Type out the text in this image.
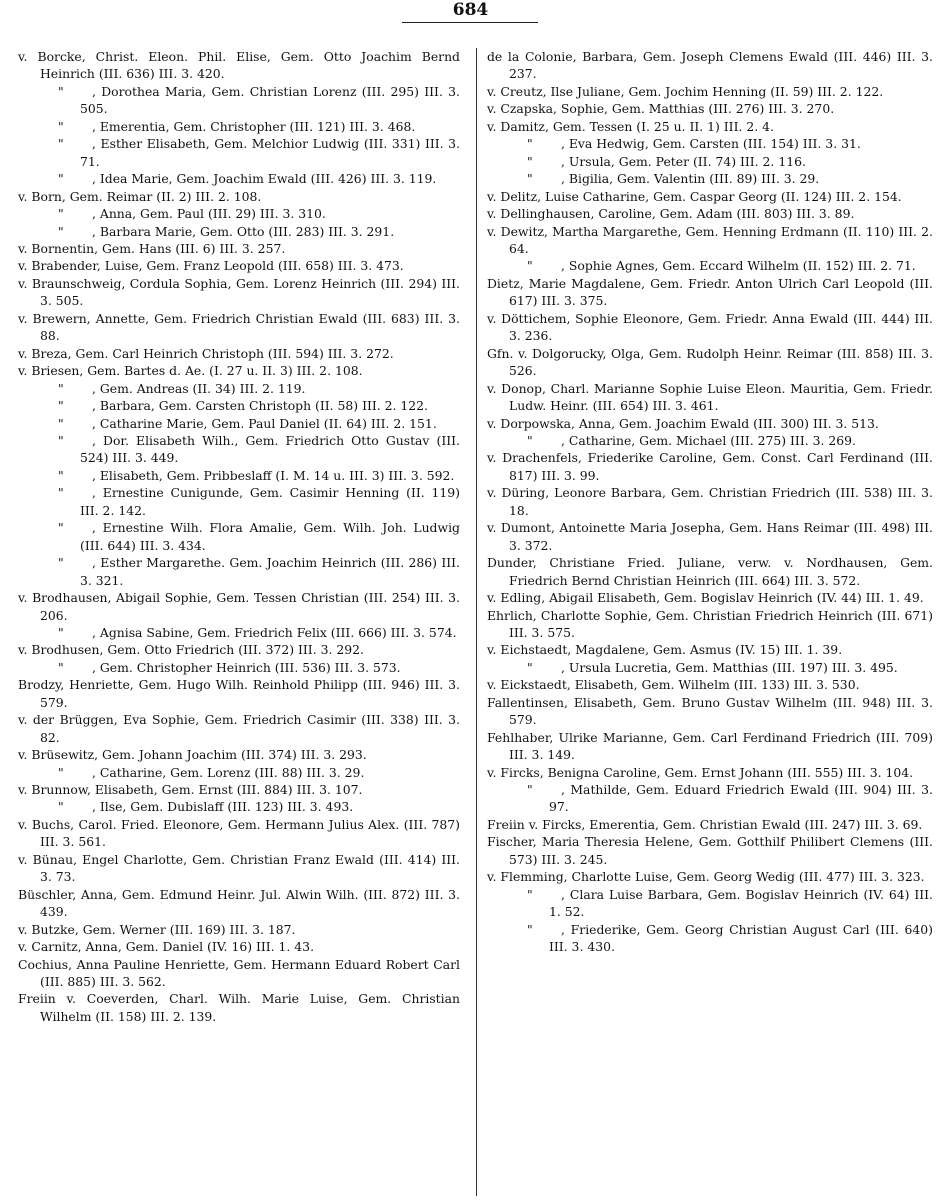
684

v. Borcke, Christ. Eleon. Phil. Elise, Gem. Otto Joachim Bernd Heinrich (III. 636) III. 3. 420.

" , Dorothea Maria, Gem. Christian Lorenz (III. 295) III. 3. 505.

" , Emerentia, Gem. Christopher (III. 121) III. 3. 468.

" , Esther Elisabeth, Gem. Melchior Ludwig (III. 331) III. 3. 71.

" , Idea Marie, Gem. Joachim Ewald (III. 426) III. 3. 119.

v. Born, Gem. Reimar (II. 2) III. 2. 108.

" , Anna, Gem. Paul (III. 29) III. 3. 310.

" , Barbara Marie, Gem. Otto (III. 283) III. 3. 291.

v. Bornentin, Gem. Hans (III. 6) III. 3. 257.

v. Brabender, Luise, Gem. Franz Leopold (III. 658) III. 3. 473.

v. Braunschweig, Cordula Sophia, Gem. Lorenz Heinrich (III. 294) III. 3. 505.

v. Brewern, Annette, Gem. Friedrich Christian Ewald (III. 683) III. 3. 88.

v. Breza, Gem. Carl Heinrich Christoph (III. 594) III. 3. 272.

v. Briesen, Gem. Bartes d. Ae. (I. 27 u. II. 3) III. 2. 108.

" , Gem. Andreas (II. 34) III. 2. 119.

" , Barbara, Gem. Carsten Christoph (II. 58) III. 2. 122.

" , Catharine Marie, Gem. Paul Daniel (II. 64) III. 2. 151.

" , Dor. Elisabeth Wilh., Gem. Friedrich Otto Gustav (III. 524) III. 3. 449.

" , Elisabeth, Gem. Pribbeslaff (I. M. 14 u. III. 3) III. 3. 592.

" , Ernestine Cunigunde, Gem. Casimir Henning (II. 119) III. 2. 142.

" , Ernestine Wilh. Flora Amalie, Gem. Wilh. Joh. Ludwig (III. 644) III. 3. 434.

" , Esther Margarethe. Gem. Joachim Heinrich (III. 286) III. 3. 321.

v. Brodhausen, Abigail Sophie, Gem. Tessen Christian (III. 254) III. 3. 206.

" , Agnisa Sabine, Gem. Friedrich Felix (III. 666) III. 3. 574.

v. Brodhusen, Gem. Otto Friedrich (III. 372) III. 3. 292.

" , Gem. Christopher Heinrich (III. 536) III. 3. 573.

Brodzy, Henriette, Gem. Hugo Wilh. Reinhold Philipp (III. 946) III. 3. 579.

v. der Brüggen, Eva Sophie, Gem. Friedrich Casimir (III. 338) III. 3. 82.

v. Brüsewitz, Gem. Johann Joachim (III. 374) III. 3. 293.

" , Catharine, Gem. Lorenz (III. 88) III. 3. 29.

v. Brunnow, Elisabeth, Gem. Ernst (III. 884) III. 3. 107.

" , Ilse, Gem. Dubislaff (III. 123) III. 3. 493.

v. Buchs, Carol. Fried. Eleonore, Gem. Hermann Julius Alex. (III. 787) III. 3. 561.

v. Bünau, Engel Charlotte, Gem. Christian Franz Ewald (III. 414) III. 3. 73.

Büschler, Anna, Gem. Edmund Heinr. Jul. Alwin Wilh. (III. 872) III. 3. 439.

v. Butzke, Gem. Werner (III. 169) III. 3. 187.

v. Carnitz, Anna, Gem. Daniel (IV. 16) III. 1. 43.

Cochius, Anna Pauline Henriette, Gem. Hermann Eduard Robert Carl (III. 885) III. 3. 562.

Freiin v. Coeverden, Charl. Wilh. Marie Luise, Gem. Christian Wilhelm (II. 158) III. 2. 139.

de la Colonie, Barbara, Gem. Joseph Clemens Ewald (III. 446) III. 3. 237.

v. Creutz, Ilse Juliane, Gem. Jochim Henning (II. 59) III. 2. 122.

v. Czapska, Sophie, Gem. Matthias (III. 276) III. 3. 270.

v. Damitz, Gem. Tessen (I. 25 u. II. 1) III. 2. 4.

" , Eva Hedwig, Gem. Carsten (III. 154) III. 3. 31.

" , Ursula, Gem. Peter (II. 74) III. 2. 116.

" , Bigilia, Gem. Valentin (III. 89) III. 3. 29.

v. Delitz, Luise Catharine, Gem. Caspar Georg (II. 124) III. 2. 154.

v. Dellinghausen, Caroline, Gem. Adam (III. 803) III. 3. 89.

v. Dewitz, Martha Margarethe, Gem. Henning Erdmann (II. 110) III. 2. 64.

" , Sophie Agnes, Gem. Eccard Wilhelm (II. 152) III. 2. 71.

Dietz, Marie Magdalene, Gem. Friedr. Anton Ulrich Carl Leopold (III. 617) III. 3. 375.

v. Döttichem, Sophie Eleonore, Gem. Friedr. Anna Ewald (III. 444) III. 3. 236.

Gfn. v. Dolgorucky, Olga, Gem. Rudolph Heinr. Reimar (III. 858) III. 3. 526.

v. Donop, Charl. Marianne Sophie Luise Eleon. Mauritia, Gem. Friedr. Ludw. Heinr. (III. 654) III. 3. 461.

v. Dorpowska, Anna, Gem. Joachim Ewald (III. 300) III. 3. 513.

" , Catharine, Gem. Michael (III. 275) III. 3. 269.

v. Drachenfels, Friederike Caroline, Gem. Const. Carl Ferdinand (III. 817) III. 3. 99.

v. Düring, Leonore Barbara, Gem. Christian Friedrich (III. 538) III. 3. 18.

v. Dumont, Antoinette Maria Josepha, Gem. Hans Reimar (III. 498) III. 3. 372.

Dunder, Christiane Fried. Juliane, verw. v. Nordhausen, Gem. Friedrich Bernd Christian Heinrich (III. 664) III. 3. 572.

v. Edling, Abigail Elisabeth, Gem. Bogislav Heinrich (IV. 44) III. 1. 49.

Ehrlich, Charlotte Sophie, Gem. Christian Friedrich Heinrich (III. 671) III. 3. 575.

v. Eichstaedt, Magdalene, Gem. Asmus (IV. 15) III. 1. 39.

" , Ursula Lucretia, Gem. Matthias (III. 197) III. 3. 495.

v. Eickstaedt, Elisabeth, Gem. Wilhelm (III. 133) III. 3. 530.

Fallentinsen, Elisabeth, Gem. Bruno Gustav Wilhelm (III. 948) III. 3. 579.

Fehlhaber, Ulrike Marianne, Gem. Carl Ferdinand Friedrich (III. 709) III. 3. 149.

v. Fircks, Benigna Caroline, Gem. Ernst Johann (III. 555) III. 3. 104.

" , Mathilde, Gem. Eduard Friedrich Ewald (III. 904) III. 3. 97.

Freiin v. Fircks, Emerentia, Gem. Christian Ewald (III. 247) III. 3. 69.

Fischer, Maria Theresia Helene, Gem. Gotthilf Philibert Clemens (III. 573) III. 3. 245.

v. Flemming, Charlotte Luise, Gem. Georg Wedig (III. 477) III. 3. 323.

" , Clara Luise Barbara, Gem. Bogislav Heinrich (IV. 64) III. 1. 52.

" , Friederike, Gem. Georg Christian August Carl (III. 640) III. 3. 430.
